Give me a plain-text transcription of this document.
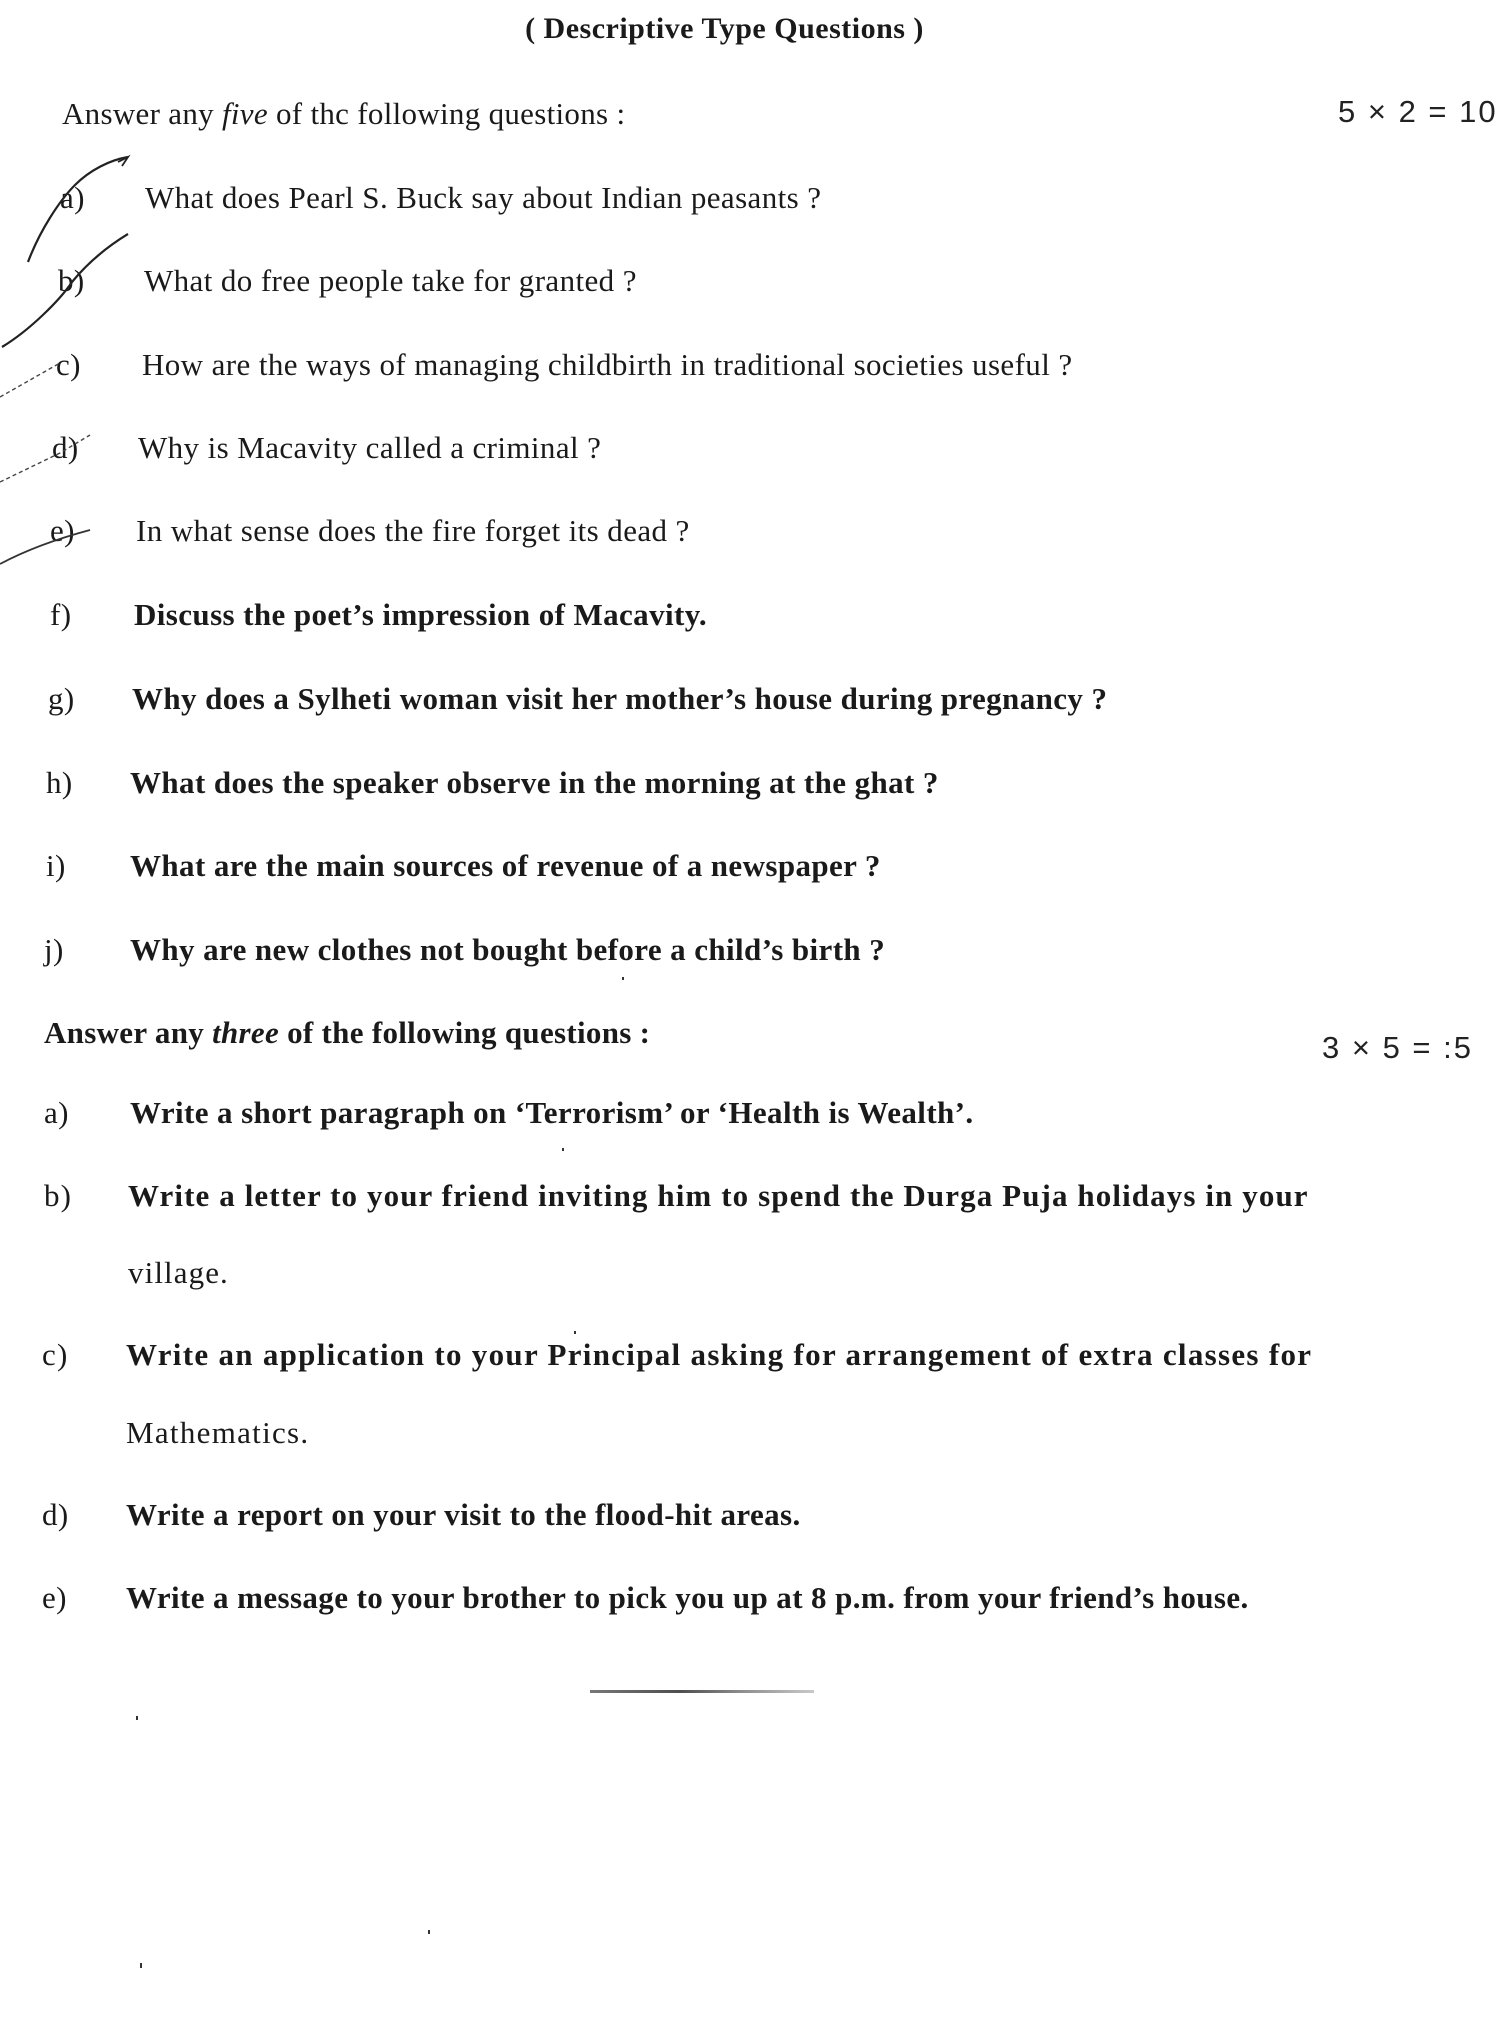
( Descriptive Type Questions )
Answer any five of thc following questions :	5 × 2 = 10
a) What does Pearl S. Buck say about Indian peasants ?
b) What do free people take for granted ?
c) How are the ways of managing childbirth in traditional societies useful ?
d) Why is Macavity called a criminal ?
e) In what sense does the fire forget its dead ?
f) Discuss the poet’s impression of Macavity.
g) Why does a Sylheti woman visit her mother’s house during pregnancy ?
h) What does the speaker observe in the morning at the ghat ?
i) What are the main sources of revenue of a newspaper ?
j) Why are new clothes not bought before a child’s birth ?
Answer any three of the following questions :	3 × 5 = :5
a) Write a short paragraph on ‘Terrorism’ or ‘Health is Wealth’.
b) Write a letter to your friend inviting him to spend the Durga Puja holidays in your
village.
c) Write an application to your Principal asking for arrangement of extra classes for
Mathematics.
d) Write a report on your visit to the flood-hit areas.
e) Write a message to your brother to pick you up at 8 p.m. from your friend’s house.
